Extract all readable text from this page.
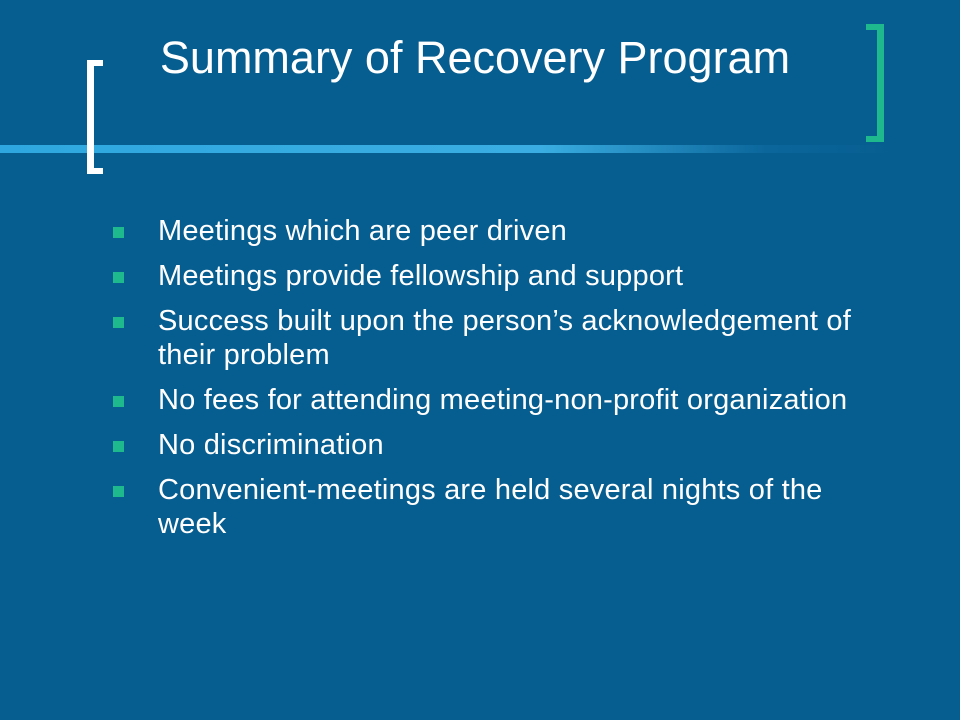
Summary of Recovery Program
Meetings which are peer driven
Meetings provide fellowship and support
Success built upon the person’s acknowledgement of their problem
No fees for attending meeting-non-profit organization
No discrimination
Convenient-meetings are held several nights of the week
